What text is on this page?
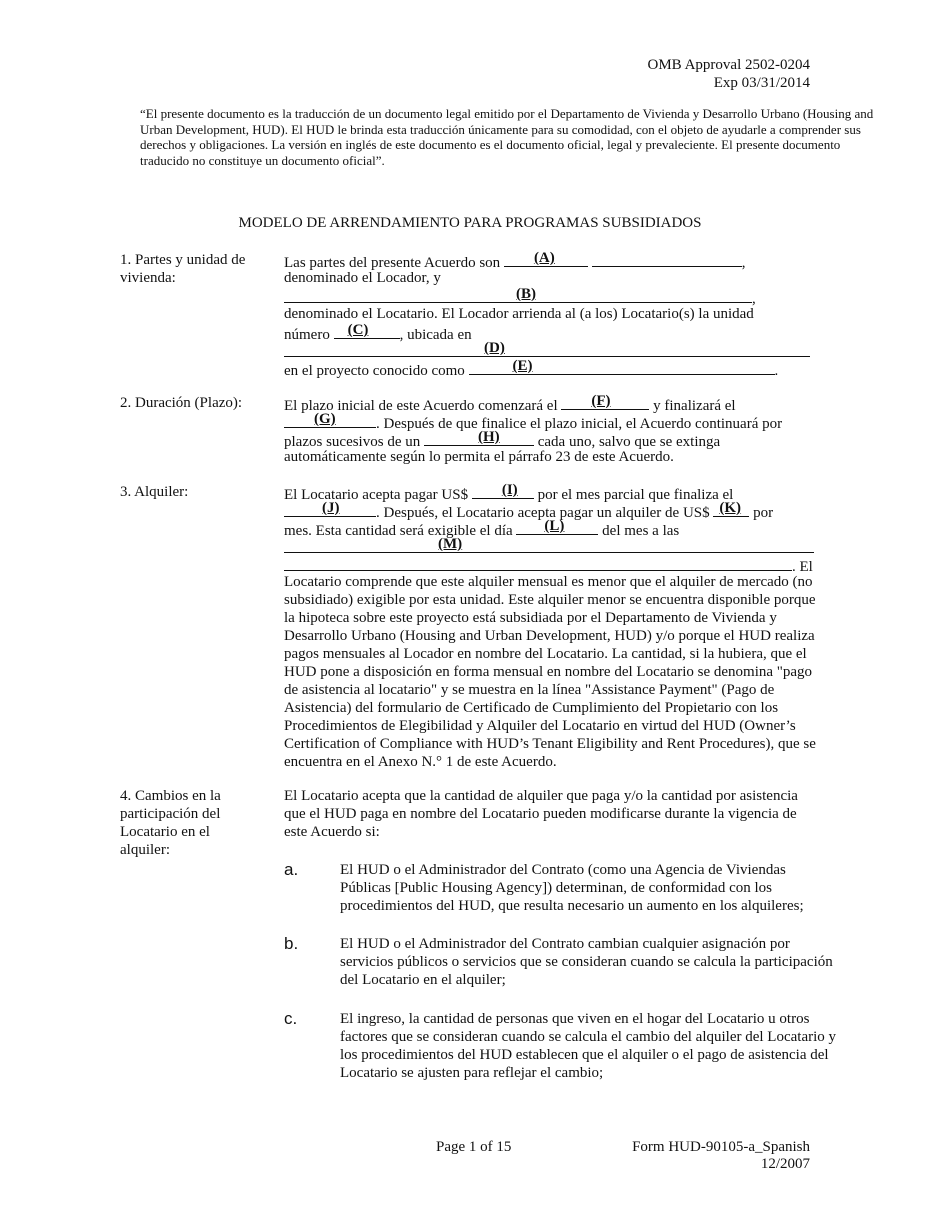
OMB Approval 2502-0204
Exp 03/31/2014
“El presente documento es la traducción de un documento legal emitido por el Departamento de Vivienda y Desarrollo Urbano (Housing and Urban Development, HUD). El HUD le brinda esta traducción únicamente para su comodidad, con el objeto de ayudarle a comprender sus derechos y obligaciones. La versión en inglés de este documento es el documento oficial, legal y prevaleciente. El presente documento traducido no constituye un documento oficial”.
MODELO DE ARRENDAMIENTO PARA PROGRAMAS SUBSIDIADOS
1. Partes y unidad de vivienda:
Las partes del presente Acuerdo son (A)	,
denominado el Locador, y
(B)	,
denominado el Locatario. El Locador arrienda al (a los) Locatario(s) la unidad
número (C) , ubicada en
(D)
en el proyecto conocido como	(E)	.
2. Duración (Plazo):	El plazo inicial de este Acuerdo comenzará el (F)	y finalizará el
(G)	. Después de que finalice el plazo inicial, el Acuerdo continuará por
plazos sucesivos de un	(H)	cada uno, salvo que se extinga
automáticamente según lo permita el párrafo 23 de este Acuerdo.
3. Alquiler:	El Locatario acepta pagar US$ (I) por el mes parcial que finaliza el
(J) . Después, el Locatario acepta pagar un alquiler de US$ (K) por
mes. Esta cantidad será exigible el día (L)	del mes a las
(M)
. El
Locatario comprende que este alquiler mensual es menor que el alquiler de mercado (no subsidiado) exigible por esta unidad. Este alquiler menor se encuentra disponible porque la hipoteca sobre este proyecto está subsidiada por el Departamento de Vivienda y Desarrollo Urbano (Housing and Urban Development, HUD) y/o porque el HUD realiza pagos mensuales al Locador en nombre del Locatario. La cantidad, si la hubiera, que el HUD pone a disposición en forma mensual en nombre del Locatario se denomina "pago de asistencia al locatario" y se muestra en la línea "Assistance Payment" (Pago de Asistencia) del formulario de Certificado de Cumplimiento del Propietario con los Procedimientos de Elegibilidad y Alquiler del Locatario en virtud del HUD (Owner’s Certification of Compliance with HUD’s Tenant Eligibility and Rent Procedures), que se encuentra en el Anexo N.° 1 de este Acuerdo.
4. Cambios en la participación del Locatario en el alquiler:
El Locatario acepta que la cantidad de alquiler que paga y/o la cantidad por asistencia que el HUD paga en nombre del Locatario pueden modificarse durante la vigencia de este Acuerdo si:
a.	El HUD o el Administrador del Contrato (como una Agencia de Viviendas Públicas [Public Housing Agency]) determinan, de conformidad con los procedimientos del HUD, que resulta necesario un aumento en los alquileres;
b.	El HUD o el Administrador del Contrato cambian cualquier asignación por servicios públicos o servicios que se consideran cuando se calcula la participación del Locatario en el alquiler;
c.	El ingreso, la cantidad de personas que viven en el hogar del Locatario u otros factores que se consideran cuando se calcula el cambio del alquiler del Locatario y los procedimientos del HUD establecen que el alquiler o el pago de asistencia del Locatario se ajusten para reflejar el cambio;
Page 1 of 15	Form HUD-90105-a_Spanish
12/2007
